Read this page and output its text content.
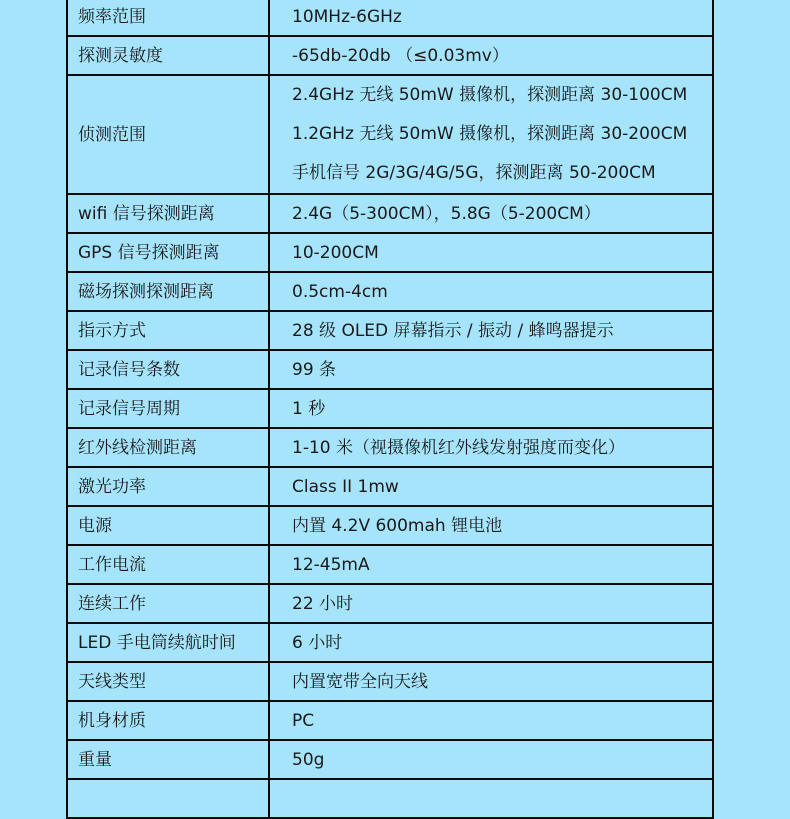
频率范围	10MHz-6GHz
探测灵敏度	-65db-20db （≤0.03mv）
侦测范围	2.4GHz 无线 50mW 摄像机，探测距离 30-100CM
1.2GHz 无线 50mW 摄像机，探测距离 30-200CM
手机信号 2G/3G/4G/5G，探测距离 50-200CM

wifi 信号探测距离	2.4G（5-300CM），5.8G（5-200CM）
GPS 信号探测距离	10-200CM
磁场探测探测距离	0.5cm-4cm
指示方式	28 级 OLED 屏幕指示 / 振动 / 蜂鸣器提示
记录信号条数	99 条
记录信号周期	1 秒
红外线检测距离	1-10 米（视摄像机红外线发射强度而变化）
激光功率	Class II 1mw
电源	内置 4.2V 600mah 锂电池
工作电流	12-45mA
连续工作	22 小时
LED 手电筒续航时间	6 小时
天线类型	内置宽带全向天线
机身材质	PC
重量	50g
